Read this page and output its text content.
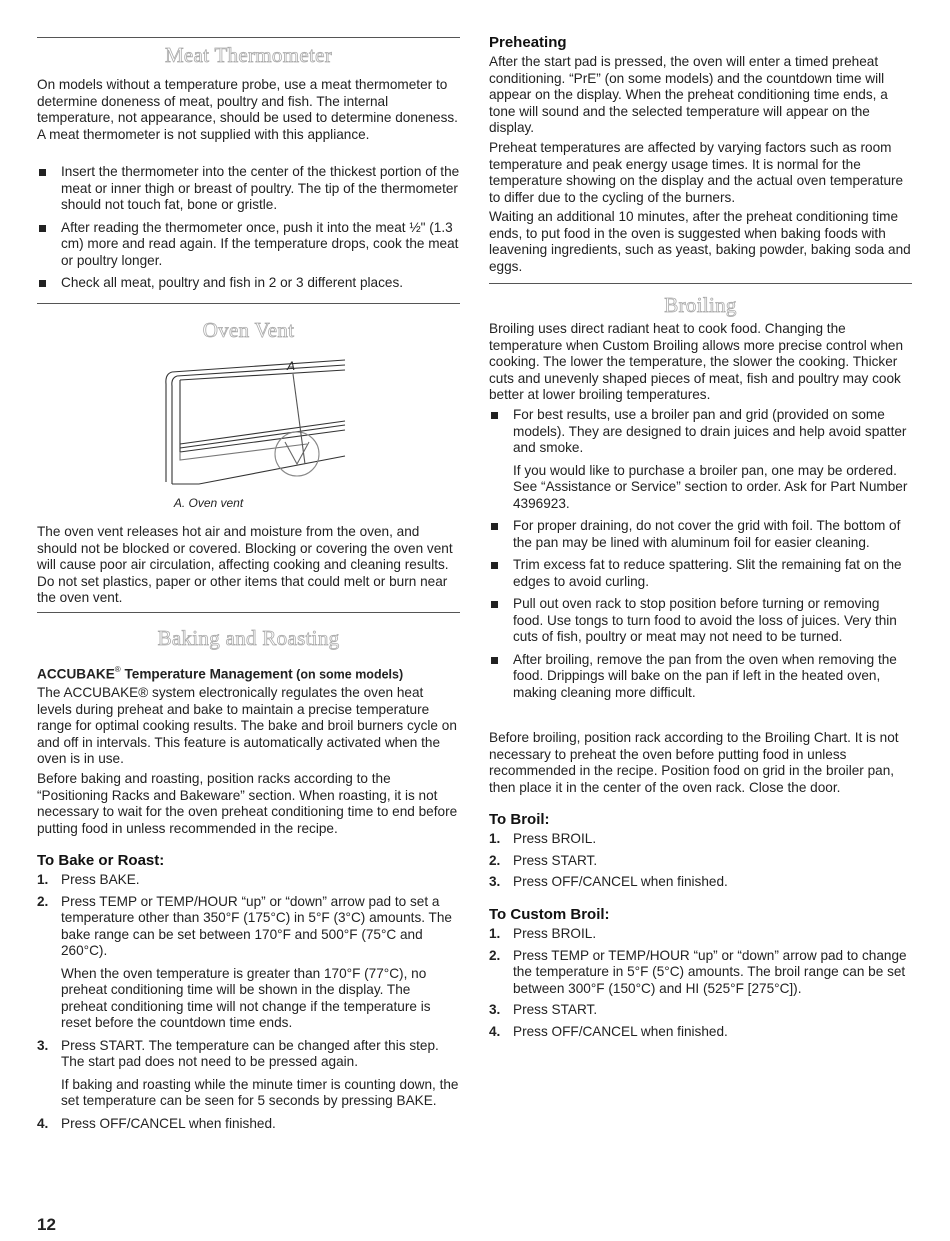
Meat Thermometer

On models without a temperature probe, use a meat thermometer to determine doneness of meat, poultry and fish. The internal temperature, not appearance, should be used to determine doneness. A meat thermometer is not supplied with this appliance.

Insert the thermometer into the center of the thickest portion of the meat or inner thigh or breast of poultry. The tip of the thermometer should not touch fat, bone or gristle.
After reading the thermometer once, push it into the meat ½" (1.3 cm) more and read again. If the temperature drops, cook the meat or poultry longer.
Check all meat, poultry and fish in 2 or 3 different places.
Oven Vent
A
A. Oven vent

The oven vent releases hot air and moisture from the oven, and should not be blocked or covered. Blocking or covering the oven vent will cause poor air circulation, affecting cooking and cleaning results. Do not set plastics, paper or other items that could melt or burn near the oven vent.

Baking and Roasting
ACCUBAKE® Temperature Management (on some models)

The ACCUBAKE® system electronically regulates the oven heat levels during preheat and bake to maintain a precise temperature range for optimal cooking results. The bake and broil burners cycle on and off in intervals. This feature is automatically activated when the oven is in use.

Before baking and roasting, position racks according to the “Positioning Racks and Bakeware” section. When roasting, it is not necessary to wait for the oven preheat conditioning time to end before putting food in unless recommended in the recipe.

To Bake or Roast:
1. Press BAKE.
2. Press TEMP or TEMP/HOUR “up” or “down” arrow pad to set a temperature other than 350°F (175°C) in 5°F (3°C) amounts. The bake range can be set between 170°F and 500°F (75°C and 260°C).

When the oven temperature is greater than 170°F (77°C), no preheat conditioning time will be shown in the display. The preheat conditioning time will not change if the temperature is reset before the countdown time ends.

3. Press START. The temperature can be changed after this step. The start pad does not need to be pressed again.

If baking and roasting while the minute timer is counting down, the set temperature can be seen for 5 seconds by pressing BAKE.

4. Press OFF/CANCEL when finished.
Preheating

After the start pad is pressed, the oven will enter a timed preheat conditioning. “PrE” (on some models) and the countdown time will appear on the display. When the preheat conditioning time ends, a tone will sound and the selected temperature will appear on the display.

Preheat temperatures are affected by varying factors such as room temperature and peak energy usage times. It is normal for the temperature showing on the display and the actual oven temperature to differ due to the cycling of the burners.

Waiting an additional 10 minutes, after the preheat conditioning time ends, to put food in the oven is suggested when baking foods with leavening ingredients, such as yeast, baking powder, baking soda and eggs.

Broiling

Broiling uses direct radiant heat to cook food. Changing the temperature when Custom Broiling allows more precise control when cooking. The lower the temperature, the slower the cooking. Thicker cuts and unevenly shaped pieces of meat, fish and poultry may cook better at lower broiling temperatures.

For best results, use a broiler pan and grid (provided on some models). They are designed to drain juices and help avoid spatter and smoke.

If you would like to purchase a broiler pan, one may be ordered. See “Assistance or Service” section to order. Ask for Part Number 4396923.

For proper draining, do not cover the grid with foil. The bottom of the pan may be lined with aluminum foil for easier cleaning.
Trim excess fat to reduce spattering. Slit the remaining fat on the edges to avoid curling.
Pull out oven rack to stop position before turning or removing food. Use tongs to turn food to avoid the loss of juices. Very thin cuts of fish, poultry or meat may not need to be turned.
After broiling, remove the pan from the oven when removing the food. Drippings will bake on the pan if left in the heated oven, making cleaning more difficult.

Before broiling, position rack according to the Broiling Chart. It is not necessary to preheat the oven before putting food in unless recommended in the recipe. Position food on grid in the broiler pan, then place it in the center of the oven rack. Close the door.

To Broil:
1. Press BROIL.
2. Press START.
3. Press OFF/CANCEL when finished.
To Custom Broil:
1. Press BROIL.
2. Press TEMP or TEMP/HOUR “up” or “down” arrow pad to change the temperature in 5°F (5°C) amounts. The broil range can be set between 300°F (150°C) and HI (525°F [275°C]).
3. Press START.
4. Press OFF/CANCEL when finished.
12
